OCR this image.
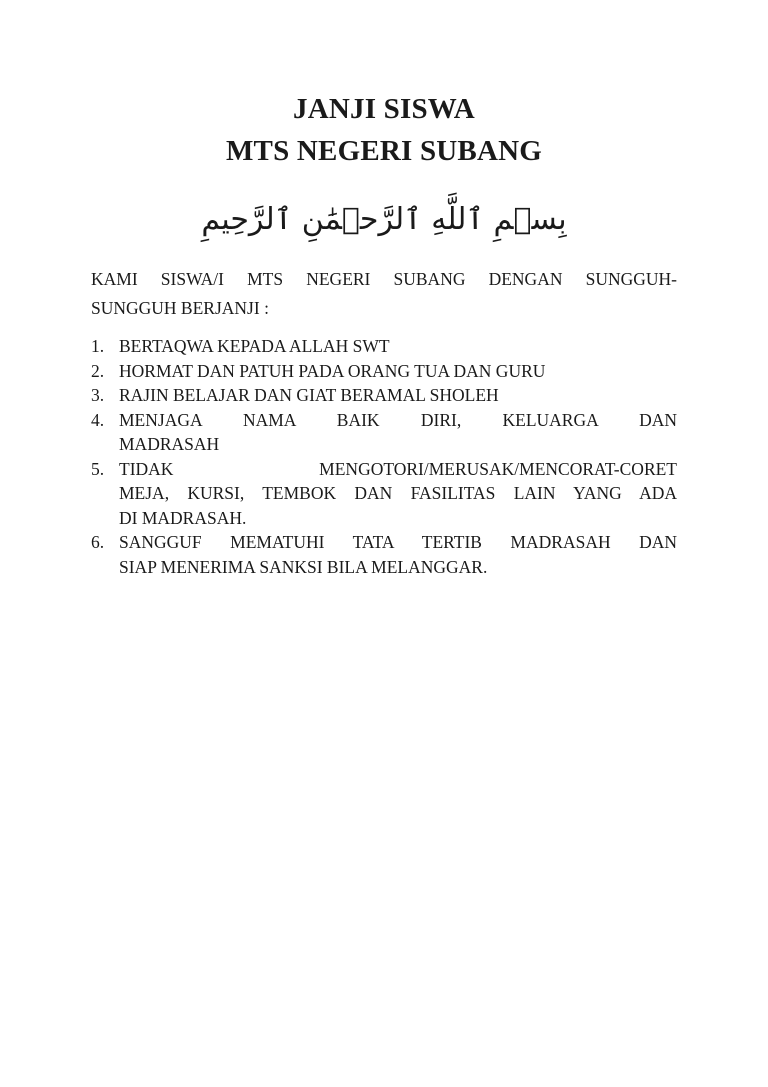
JANJI SISWA
MTS NEGERI SUBANG
بِسۡمِ ٱللَّهِ ٱلرَّحۡمَٰنِ ٱلرَّحِيمِ
KAMI SISWA/I MTS NEGERI SUBANG DENGAN SUNGGUH-
SUNGGUH BERJANJI :
1. BERTAQWA KEPADA ALLAH SWT
2. HORMAT DAN PATUH PADA ORANG TUA DAN GURU
3. RAJIN BELAJAR DAN GIAT BERAMAL SHOLEH
4. MENJAGA NAMA BAIK DIRI, KELUARGA DAN
MADRASAH
5. TIDAK MENGOTORI/MERUSAK/MENCORAT-CORET
MEJA, KURSI, TEMBOK DAN FASILITAS LAIN YANG ADA
DI MADRASAH.
6. SANGGUF MEMATUHI TATA TERTIB MADRASAH DAN
SIAP MENERIMA SANKSI BILA MELANGGAR.
